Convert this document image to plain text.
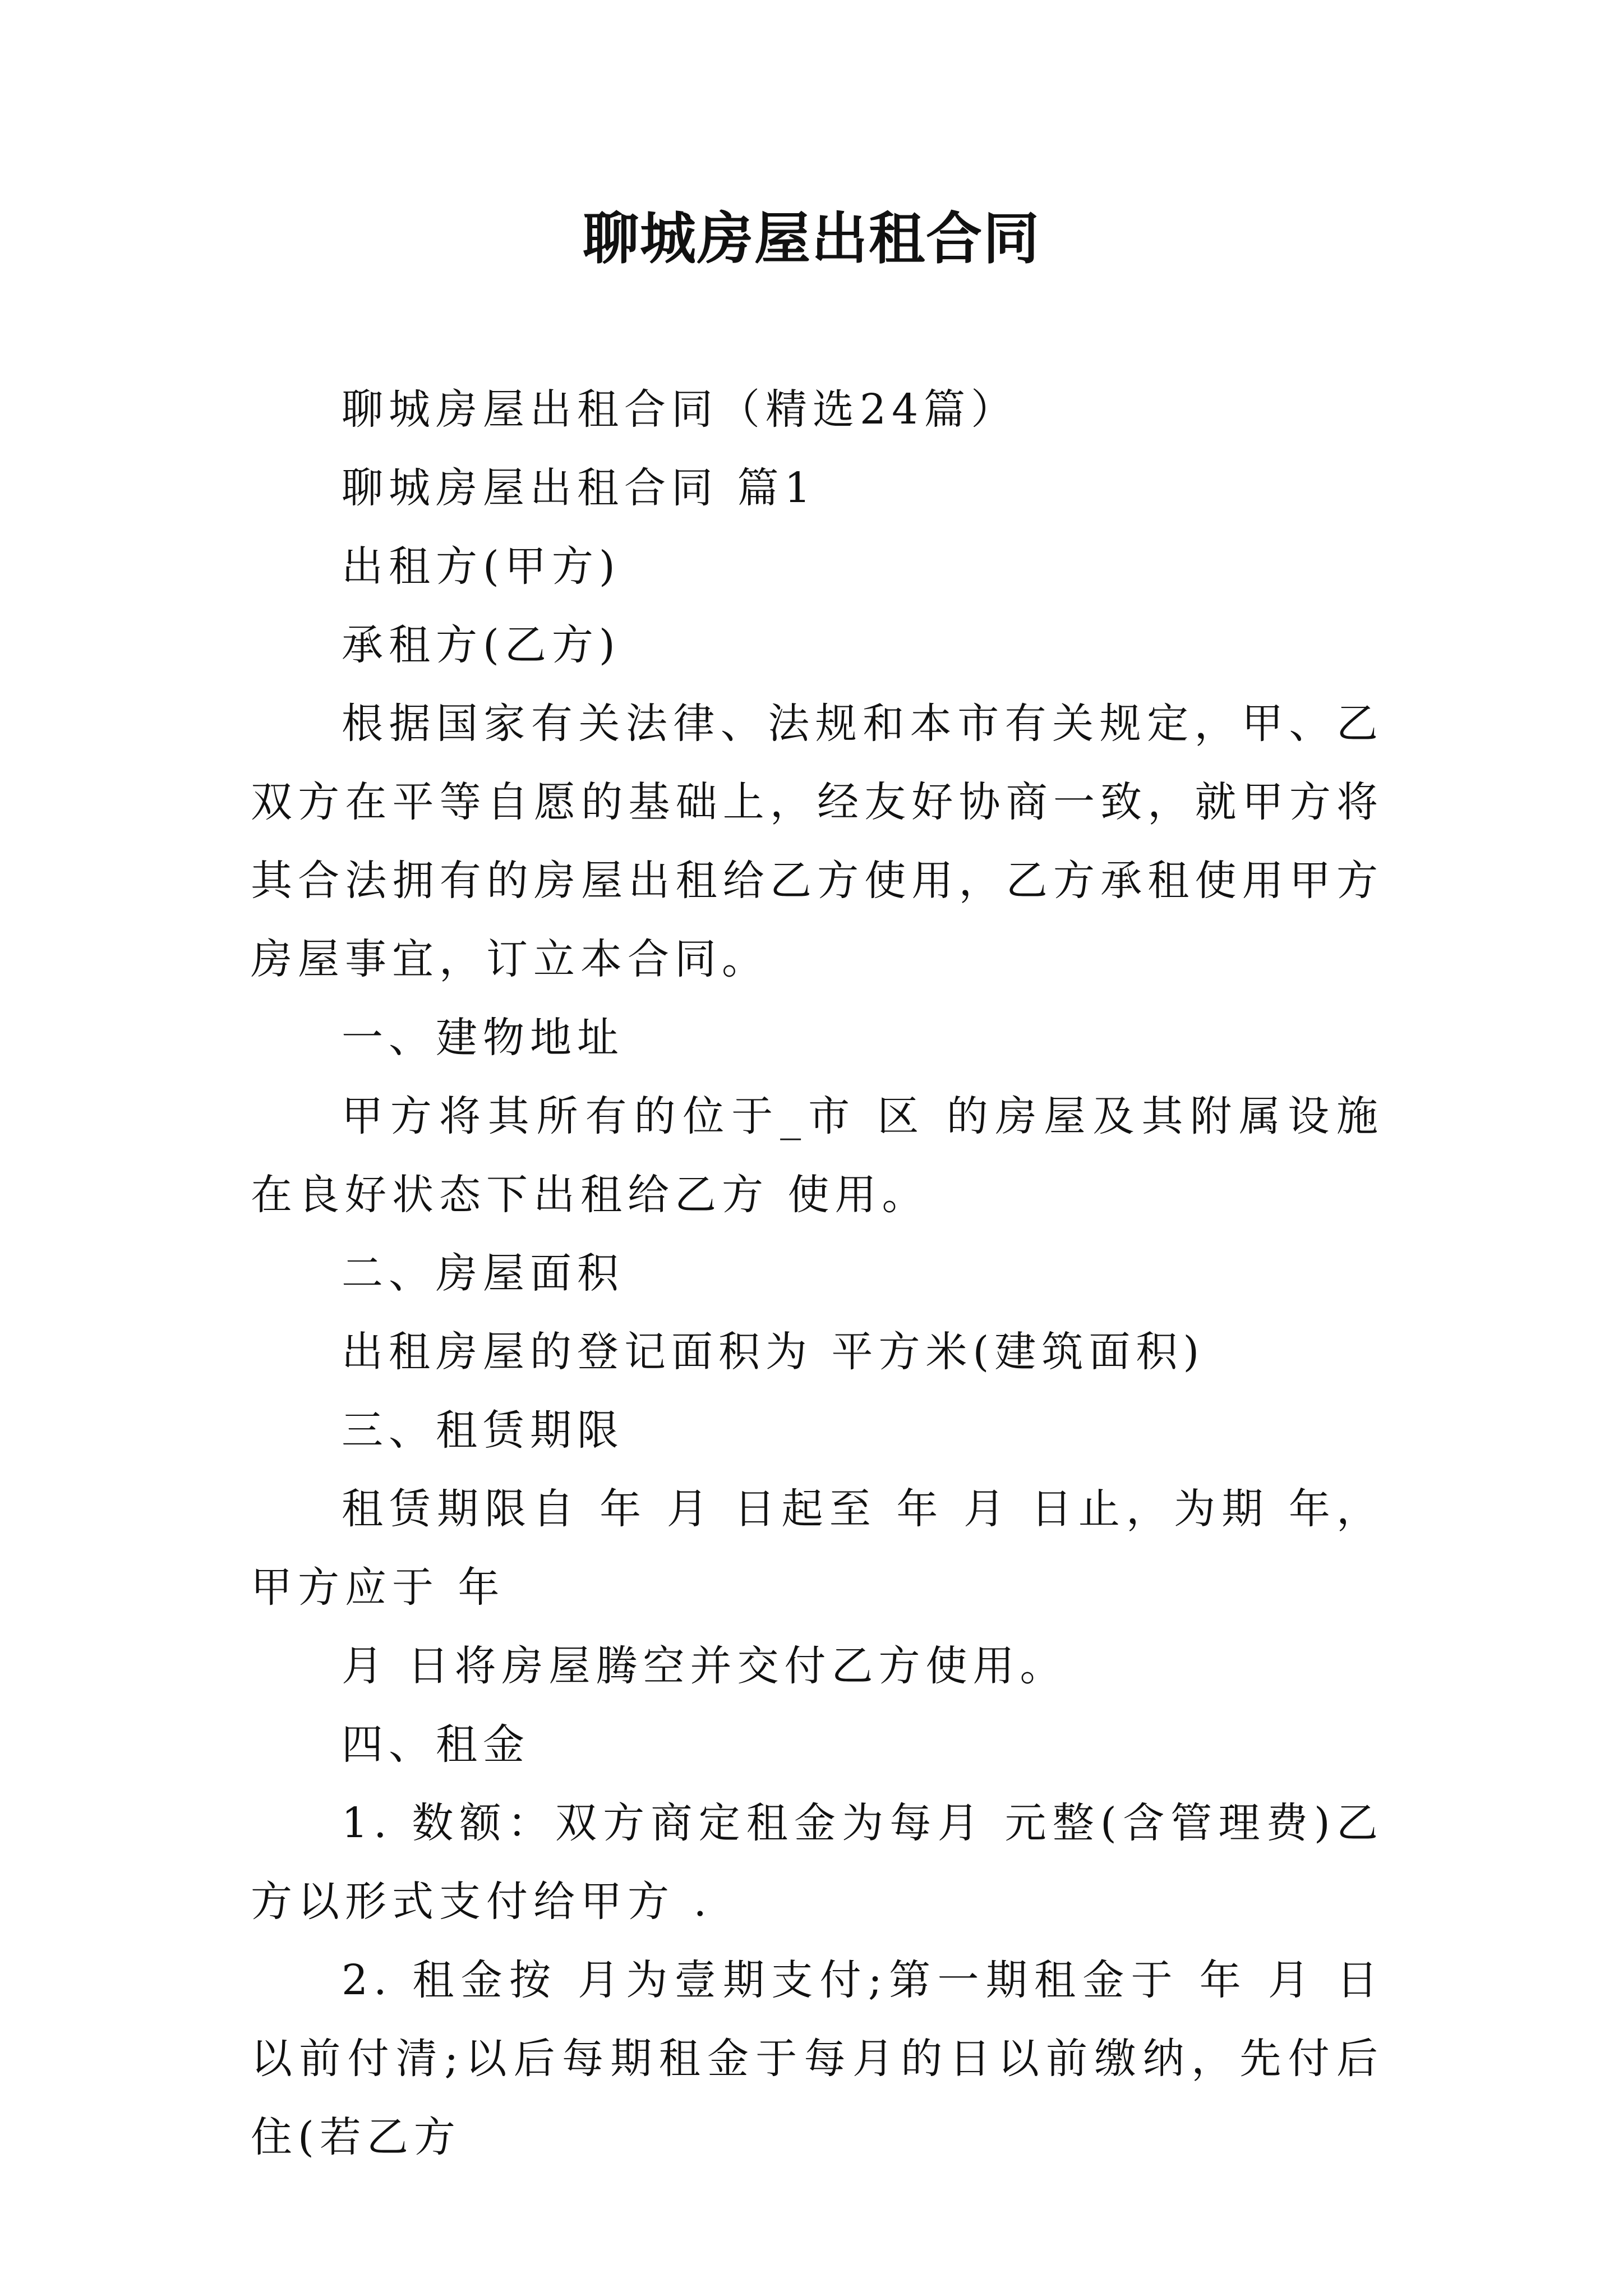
聊城房屋出租合同

聊城房屋出租合同（精选24篇）

聊城房屋出租合同 篇1

出租方(甲方)

承租方(乙方)

根据国家有关法律、法规和本市有关规定，甲、乙双方在平等自愿的基础上，经友好协商一致，就甲方将其合法拥有的房屋出租给乙方使用，乙方承租使用甲方房屋事宜，订立本合同。

一、建物地址

甲方将其所有的位于_市 区 的房屋及其附属设施在良好状态下出租给乙方 使用。

二、房屋面积

出租房屋的登记面积为 平方米(建筑面积)

三、租赁期限

租赁期限自 年 月 日起至 年 月 日止，为期 年，甲方应于 年

月 日将房屋腾空并交付乙方使用。

四、租金

1. 数额：双方商定租金为每月 元整(含管理费)乙方以形式支付给甲方 .

2. 租金按 月为壹期支付;第一期租金于 年 月 日以前付清;以后每期租金于每月的日以前缴纳，先付后住(若乙方
